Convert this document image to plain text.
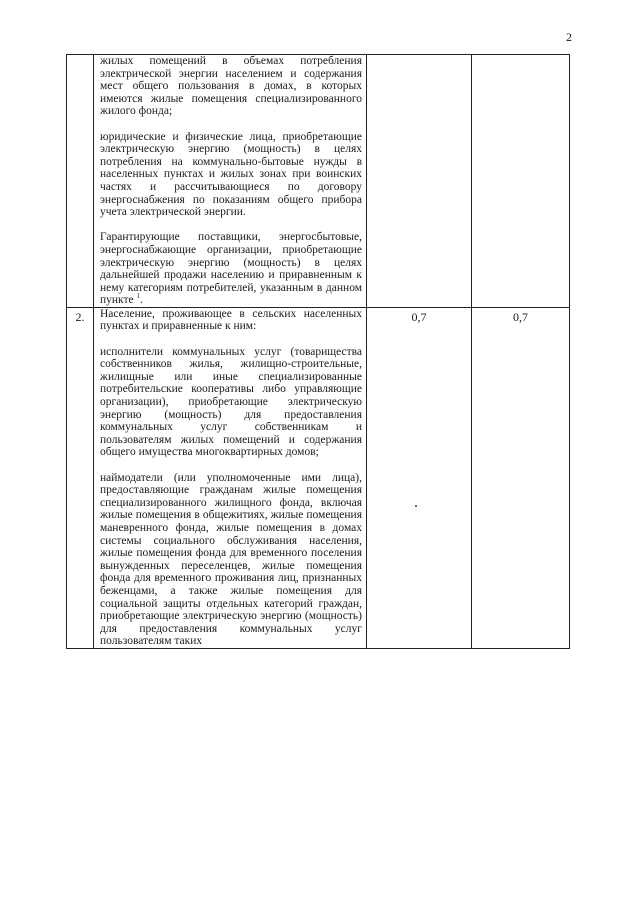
2

	жилых помещений в объемах потребления электрической энергии населением и содержания мест общего пользования в домах, в которых имеются жилые помещения специализированного жилого фонда;

юридические и физические лица, приобретающие электрическую энергию (мощность) в целях потребления на коммунально-бытовые нужды в населенных пунктах и жилых зонах при воинских частях и рассчитывающиеся по договору энергоснабжения по показаниям общего прибора учета электрической энергии.

Гарантирующие поставщики, энергосбытовые, энергоснабжающие организации, приобретающие электрическую энергию (мощность) в целях дальнейшей продажи населению и приравненным к нему категориям потребителей, указанным в данном пункте $^1$.		

2.	Население, проживающее в сельских населенных пунктах и приравненные к ним:

исполнители коммунальных услуг (товарищества собственников жилья, жилищно-строительные, жилищные или иные специализированные потребительские кооперативы либо управляющие организации), приобретающие электрическую энергию (мощность) для предоставления коммунальных услуг собственникам и пользователям жилых помещений и содержания общего имущества многоквартирных домов;

наймодатели (или уполномоченные ими лица), предоставляющие гражданам жилые помещения специализированного жилищного фонда, включая жилые помещения в общежитиях, жилые помещения маневренного фонда, жилые помещения в домах системы социального обслуживания населения, жилые помещения фонда для временного поселения вынужденных переселенцев, жилые помещения фонда для временного проживания лиц, признанных беженцами, а также жилые помещения для социальной защиты отдельных категорий граждан, приобретающие электрическую энергию (мощность) для предоставления коммунальных услуг пользователям таких	0,7	0,7
